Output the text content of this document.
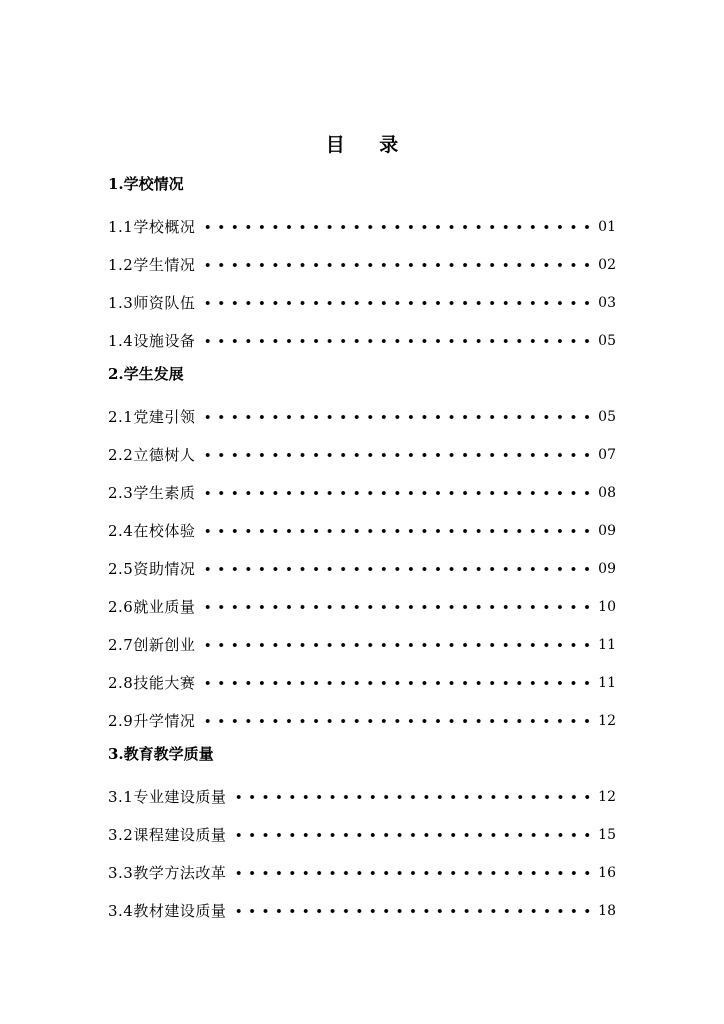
目 录
1.学校情况
1.1学校概况	01
1.2学生情况	02
1.3师资队伍	03
1.4设施设备	05
2.学生发展
2.1党建引领	05
2.2立德树人	07
2.3学生素质	08
2.4在校体验	09
2.5资助情况	09
2.6就业质量	10
2.7创新创业	11
2.8技能大赛	11
2.9升学情况	12
3.教育教学质量
3.1专业建设质量	12
3.2课程建设质量	15
3.3教学方法改革	16
3.4教材建设质量	18
